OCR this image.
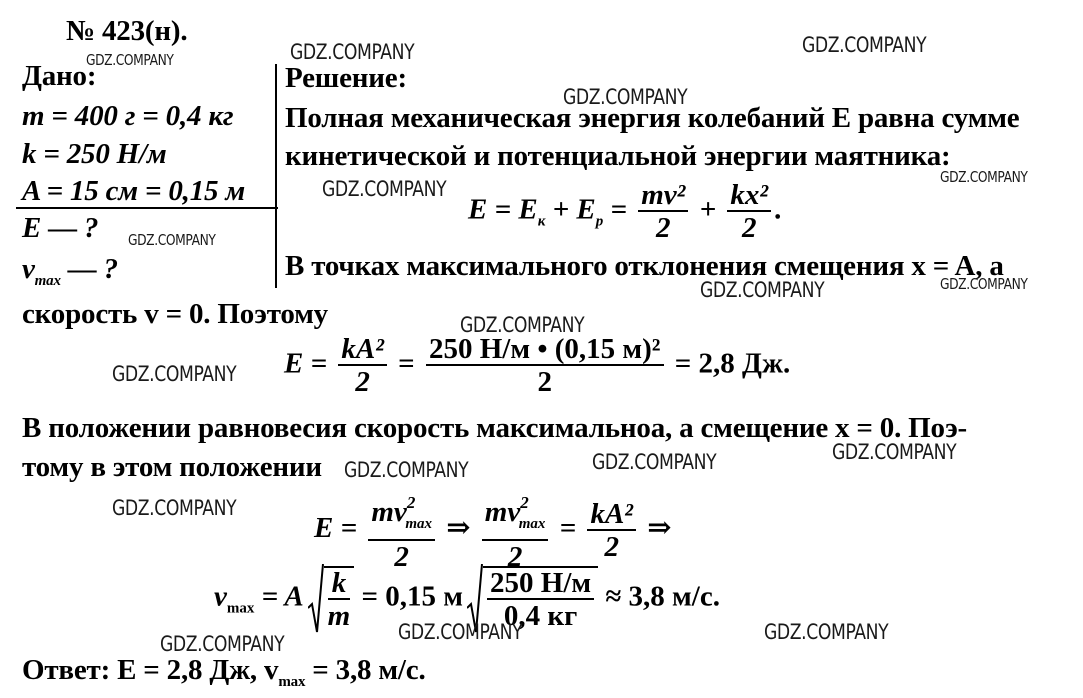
№ 423(н).
Дано:
m = 400 г = 0,4 кг
k = 250 Н/м
A = 15 см = 0,15 м
E — ?
$v_{max}$ — ?
Решение:
Полная механическая энергия колебаний E равна сумме
кинетической и потенциальной энергии маятника:
$E = E_к + E_р = \frac{\text{mv²}}{2} + \frac{\text{kx²}}{2}$ .
В точках максимального отклонения смещения x = A, а
скорость v = 0. Поэтому
$E = \frac{\text{kA²}}{2} = \frac{\text{250 Н/м • (0,15 м)²}}{2} = 2,8$ Дж.
В положении равновесия скорость максимальноа, а смещение x = 0. Поэ-
тому в этом положении
$E = \frac{mv^2_{max}}{2}$ ⇒ $\frac{mv^2_{max}}{2} = \frac{\text{kA²}}{2}$ ⇒
$v_{max} = A \frac{k}{m} = 0,15$ м $\frac{250 Н/м}{0,4 кг} \approx 3,8$ м/с.
Ответ: E = 2,8 Дж, $v_{max} = 3,8$ м/с.
GDZ.COMPANY	GDZ.COMPANY
GDZ.COMPANY
GDZ.COMPANY
GDZ.COMPANY
GDZ.COMPANY
GDZ.COMPANY
GDZ.COMPANY	GDZ.COMPANY
GDZ.COMPANY
GDZ.COMPANY
GDZ.COMPANY	GDZ.COMPANY	GDZ.COMPANY
GDZ.COMPANY
GDZ.COMPANY	GDZ.COMPANY	GDZ.COMPANY
